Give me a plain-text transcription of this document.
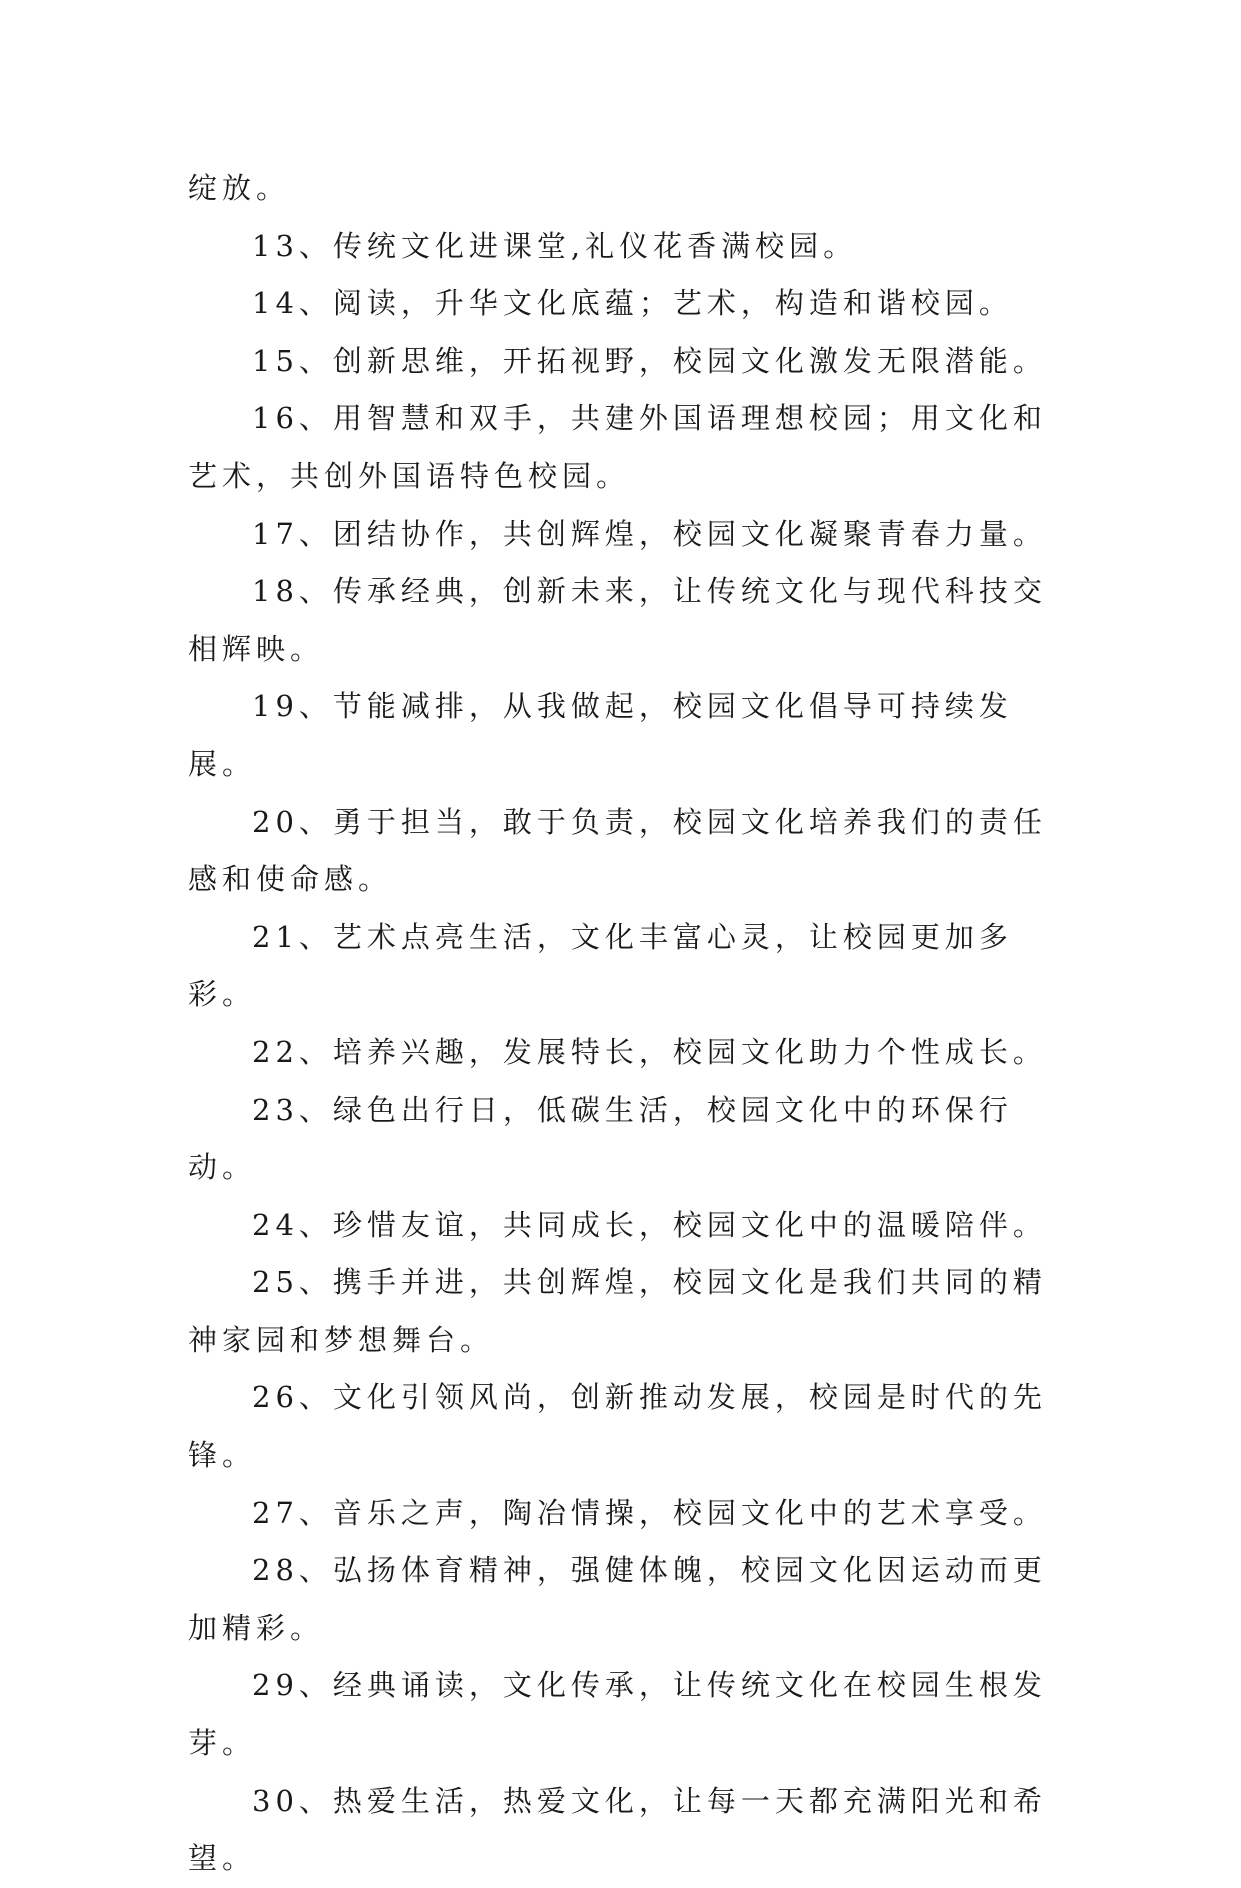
绽放。

13、传统文化进课堂,礼仪花香满校园。

14、阅读，升华文化底蕴；艺术，构造和谐校园。

15、创新思维，开拓视野，校园文化激发无限潜能。

16、用智慧和双手，共建外国语理想校园；用文化和艺术，共创外国语特色校园。

17、团结协作，共创辉煌，校园文化凝聚青春力量。

18、传承经典，创新未来，让传统文化与现代科技交相辉映。

19、节能减排，从我做起，校园文化倡导可持续发展。

20、勇于担当，敢于负责，校园文化培养我们的责任感和使命感。

21、艺术点亮生活，文化丰富心灵，让校园更加多彩。

22、培养兴趣，发展特长，校园文化助力个性成长。

23、绿色出行日，低碳生活，校园文化中的环保行动。

24、珍惜友谊，共同成长，校园文化中的温暖陪伴。

25、携手并进，共创辉煌，校园文化是我们共同的精神家园和梦想舞台。

26、文化引领风尚，创新推动发展，校园是时代的先锋。

27、音乐之声，陶冶情操，校园文化中的艺术享受。

28、弘扬体育精神，强健体魄，校园文化因运动而更加精彩。

29、经典诵读，文化传承，让传统文化在校园生根发芽。

30、热爱生活，热爱文化，让每一天都充满阳光和希望。
